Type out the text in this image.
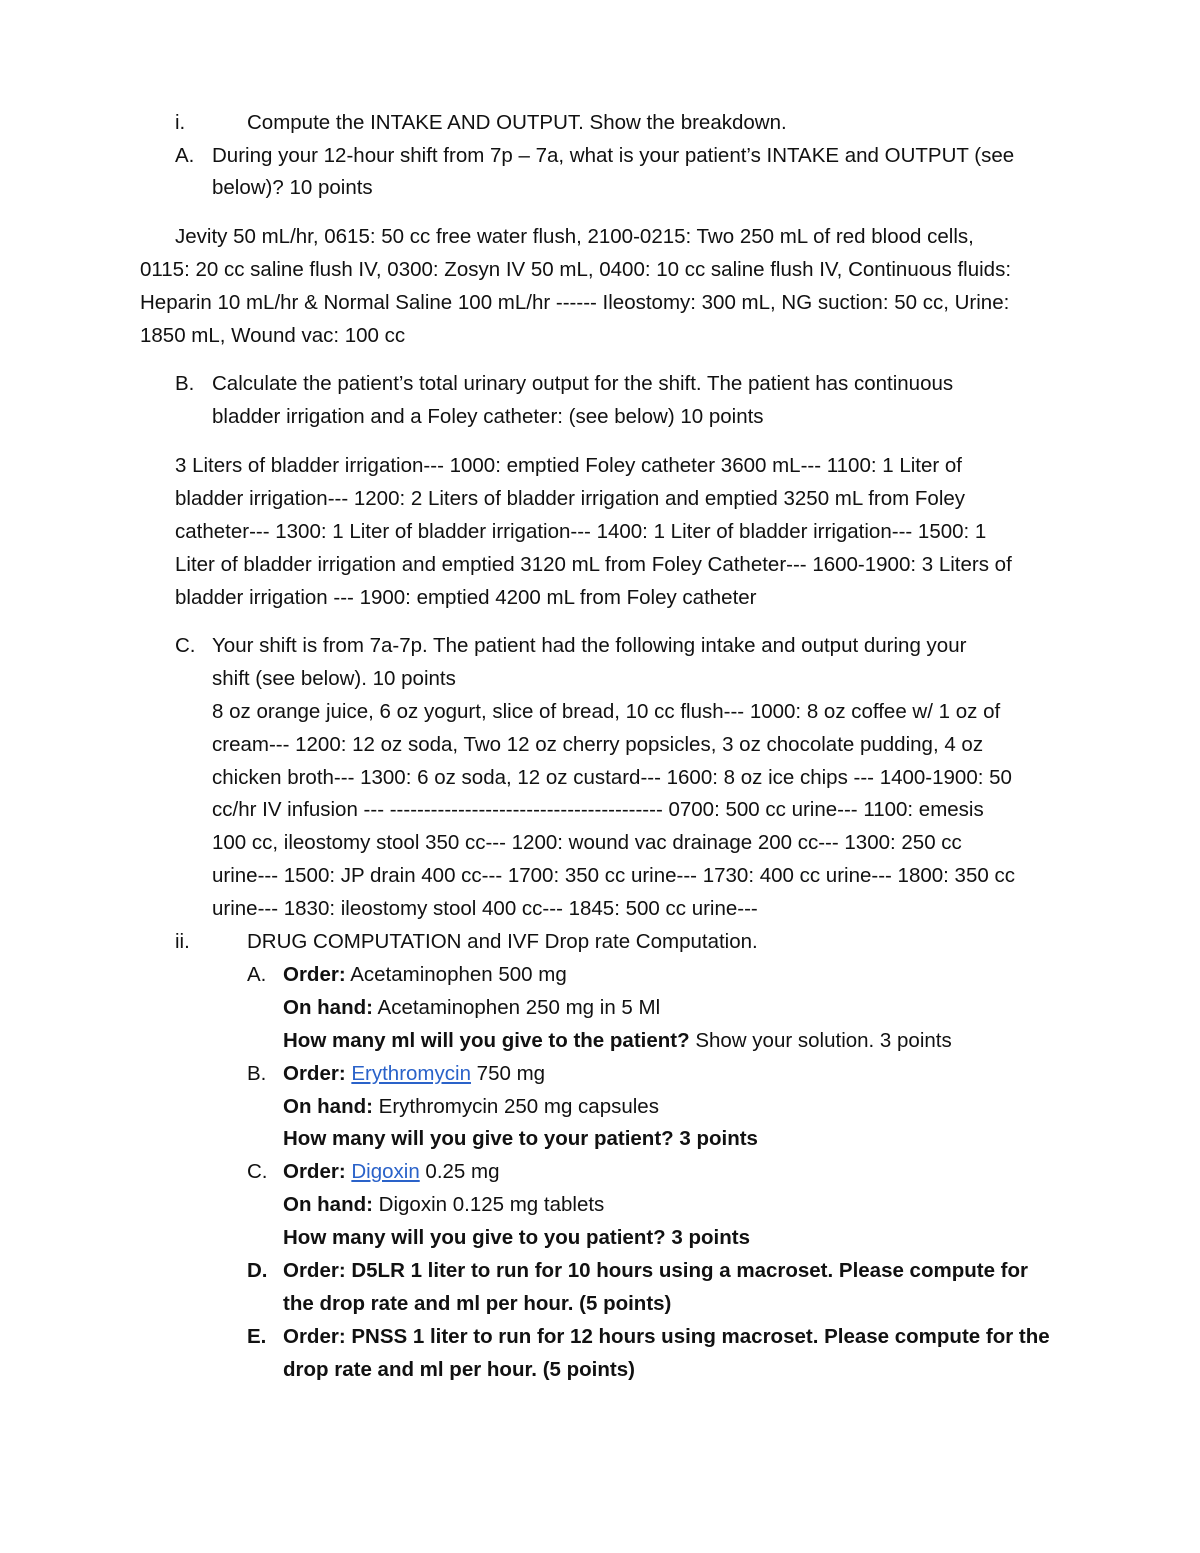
i.	Compute the INTAKE AND OUTPUT. Show the breakdown.
A. During your 12-hour shift from 7p – 7a, what is your patient’s INTAKE and OUTPUT (see
below)? 10 points
Jevity 50 mL/hr, 0615: 50 cc free water flush, 2100-0215: Two 250 mL of red blood cells,
0115: 20 cc saline flush IV, 0300: Zosyn IV 50 mL, 0400: 10 cc saline flush IV, Continuous fluids:
Heparin 10 mL/hr & Normal Saline 100 mL/hr ------ Ileostomy: 300 mL, NG suction: 50 cc, Urine:
1850 mL, Wound vac: 100 cc
B. Calculate the patient’s total urinary output for the shift. The patient has continuous
bladder irrigation and a Foley catheter: (see below) 10 points
3 Liters of bladder irrigation--- 1000: emptied Foley catheter 3600 mL--- 1100: 1 Liter of
bladder irrigation--- 1200: 2 Liters of bladder irrigation and emptied 3250 mL from Foley
catheter--- 1300: 1 Liter of bladder irrigation--- 1400: 1 Liter of bladder irrigation--- 1500: 1
Liter of bladder irrigation and emptied 3120 mL from Foley Catheter--- 1600-1900: 3 Liters of
bladder irrigation --- 1900: emptied 4200 mL from Foley catheter
C. Your shift is from 7a-7p. The patient had the following intake and output during your
shift (see below). 10 points
8 oz orange juice, 6 oz yogurt, slice of bread, 10 cc flush--- 1000: 8 oz coffee w/ 1 oz of
cream--- 1200: 12 oz soda, Two 12 oz cherry popsicles, 3 oz chocolate pudding, 4 oz
chicken broth--- 1300: 6 oz soda, 12 oz custard--- 1600: 8 oz ice chips --- 1400-1900: 50
cc/hr IV infusion --- ---------------------------------------- 0700: 500 cc urine--- 1100: emesis
100 cc, ileostomy stool 350 cc--- 1200: wound vac drainage 200 cc--- 1300: 250 cc
urine--- 1500: JP drain 400 cc--- 1700: 350 cc urine--- 1730: 400 cc urine--- 1800: 350 cc
urine--- 1830: ileostomy stool 400 cc--- 1845: 500 cc urine---
ii.	DRUG COMPUTATION and IVF Drop rate Computation.
A. Order: Acetaminophen 500 mg
On hand: Acetaminophen 250 mg in 5 Ml
How many ml will you give to the patient? Show your solution. 3 points
B. Order: Erythromycin 750 mg
On hand: Erythromycin 250 mg capsules
How many will you give to your patient? 3 points
C. Order: Digoxin 0.25 mg
On hand: Digoxin 0.125 mg tablets
How many will you give to you patient? 3 points
D. Order: D5LR 1 liter to run for 10 hours using a macroset. Please compute for
the drop rate and ml per hour. (5 points)
E. Order: PNSS 1 liter to run for 12 hours using macroset. Please compute for the
drop rate and ml per hour. (5 points)
